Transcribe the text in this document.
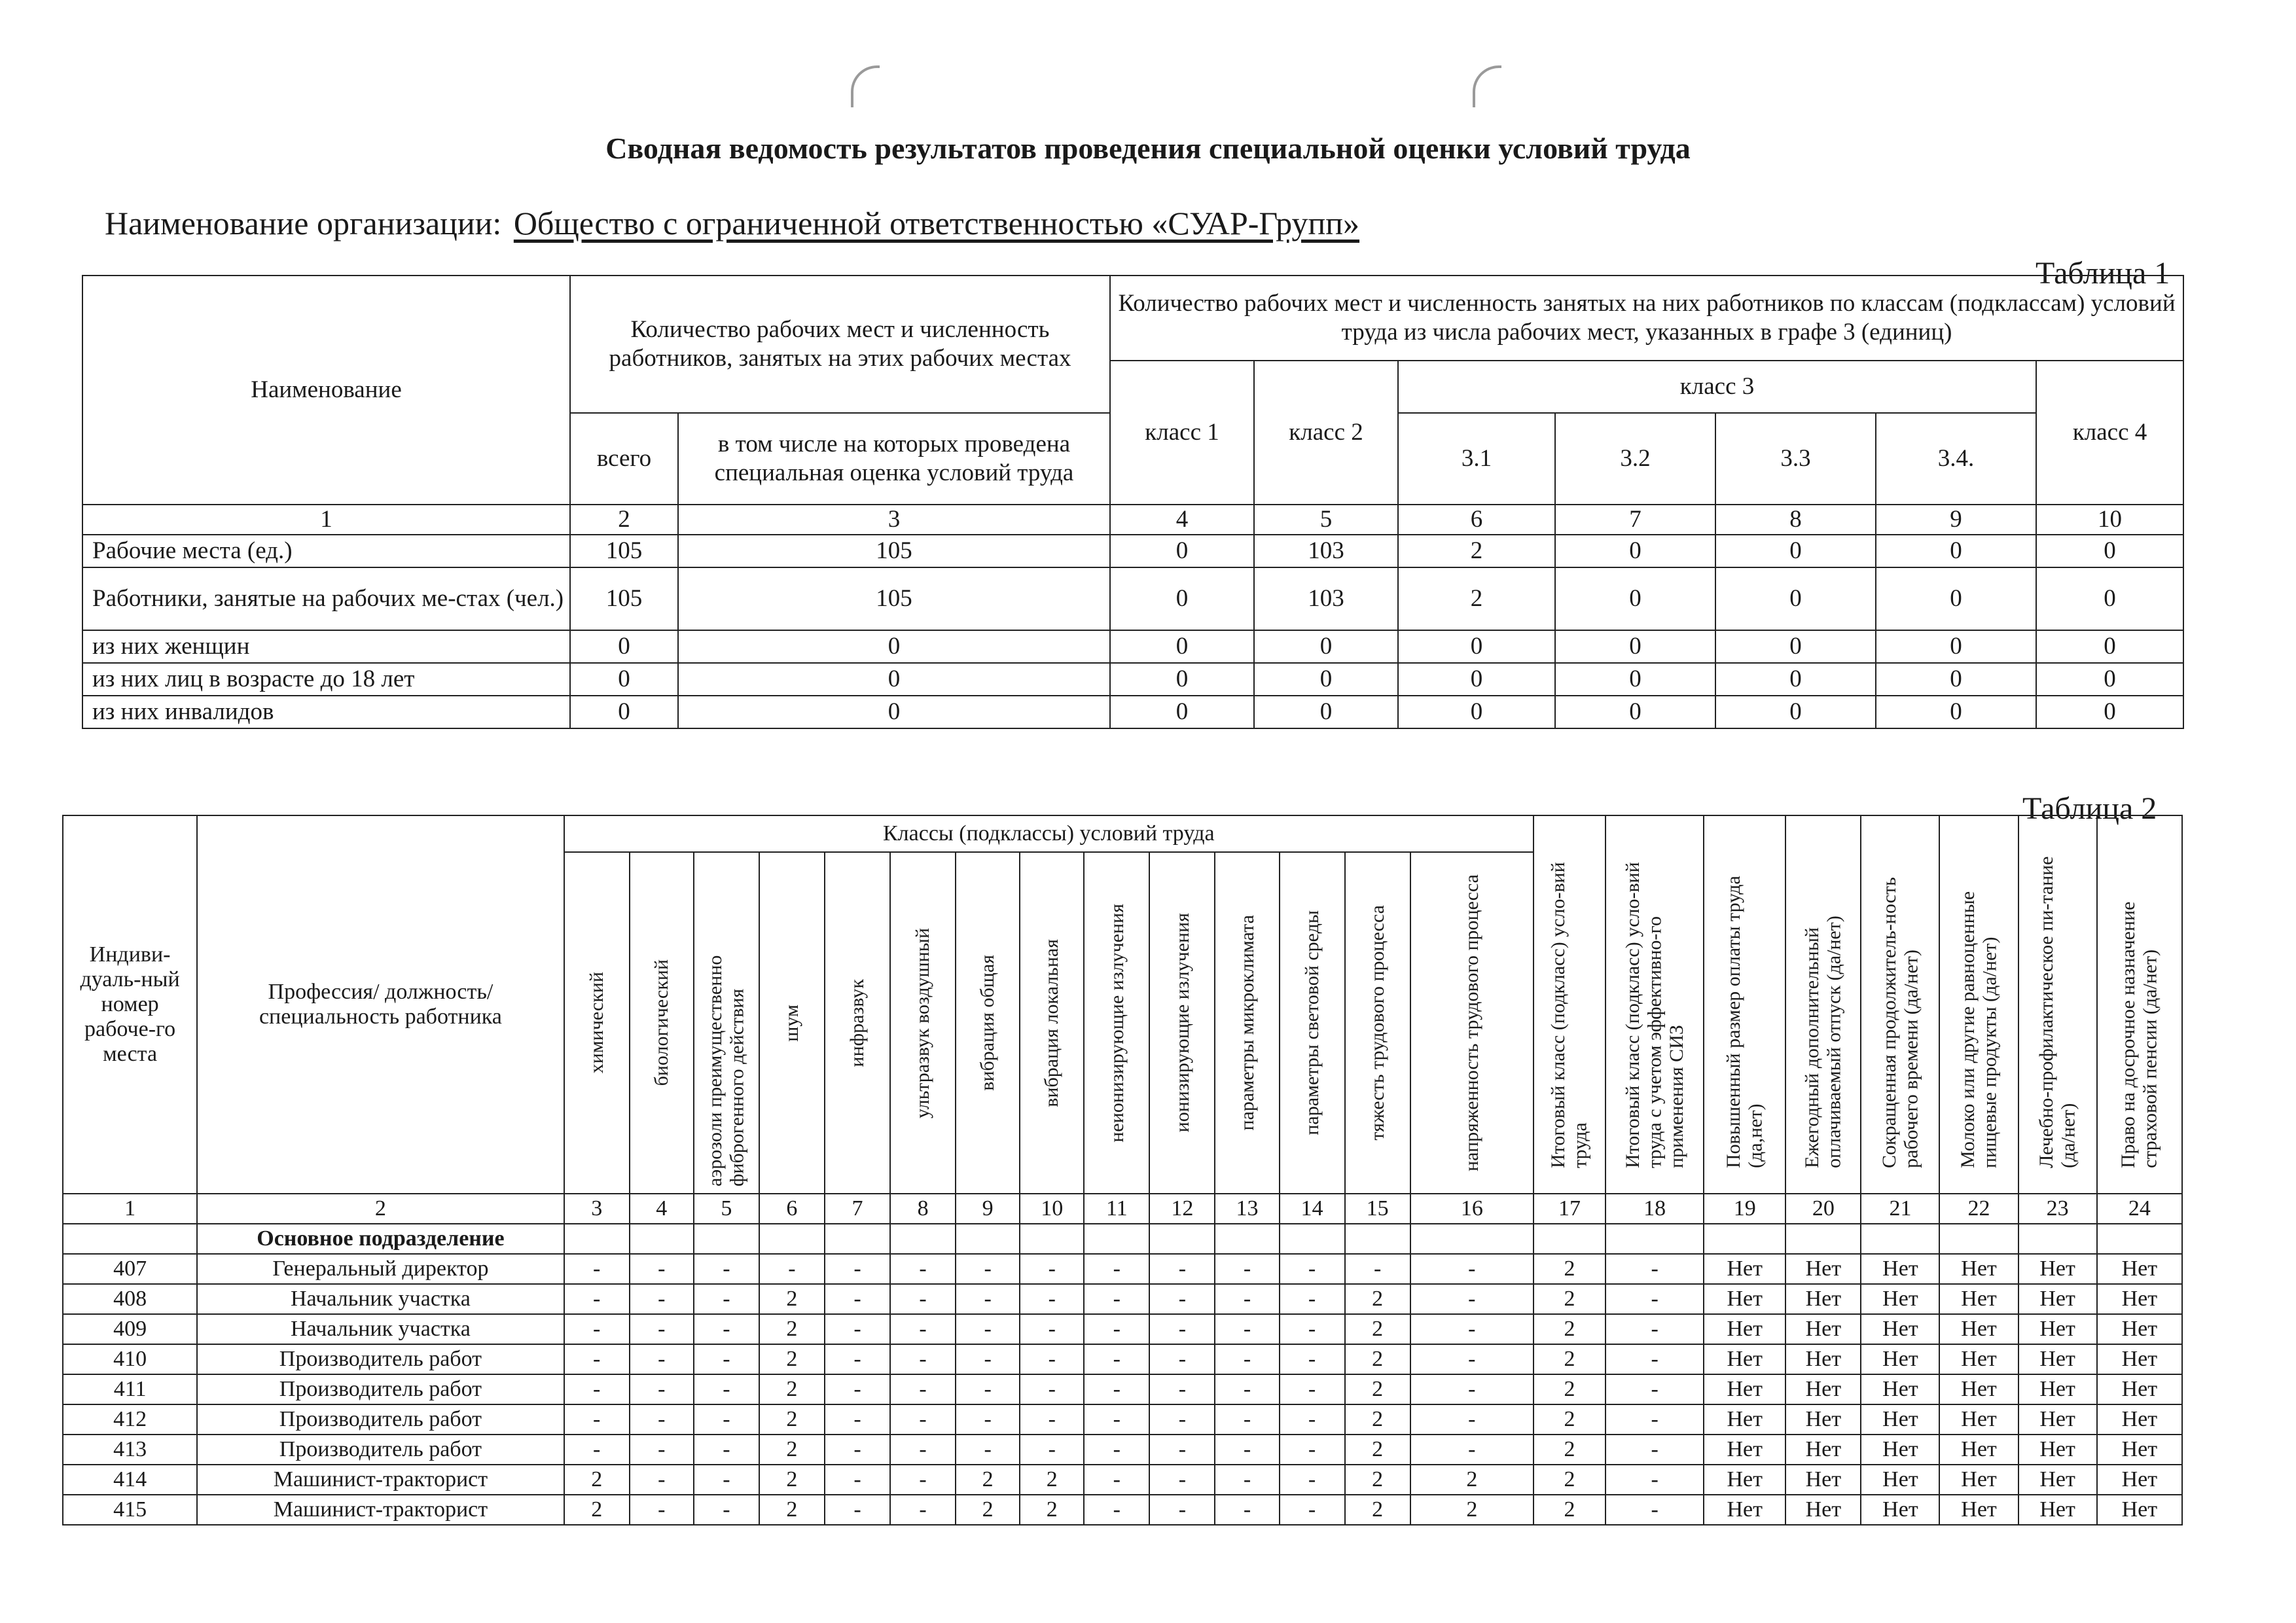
Сводная ведомость результатов проведения специальной оценки условий труда
Наименование организации: Общество с ограниченной ответственностью «СУАР-Групп»
Таблица 1
Наименование	Количество рабочих мест и численность работников, занятых на этих рабочих местах		Количество рабочих мест и численность занятых на них работников по классам (подклассам) условий труда из числа рабочих мест, указанных в графе 3 (единиц)						
			класс 1	класс 2	класс 3				класс 4
	всего	в том числе на которых проведена специальная оценка условий труда			3.1	3.2	3.3	3.4.	
1	2	3	4	5	6	7	8	9	10
Рабочие места (ед.)	105	105	0	103	2	0	0	0	0
Работники, занятые на рабочих ме-стах (чел.)	105	105	0	103	2	0	0	0	0
из них женщин	0	0	0	0	0	0	0	0	0
из них лиц в возрасте до 18 лет	0	0	0	0	0	0	0	0	0
из них инвалидов	0	0	0	0	0	0	0	0	0
Таблица 2
Индиви-дуаль-ный номер рабоче-го места	Профессия/ должность/ специальность работника	Классы (подклассы) условий труда														Итоговый класс (подкласс) усло-вий труда	Итоговый класс (подкласс) усло-вий труда с учетом эффективно-го применения СИЗ	Повышенный размер оплаты труда (да,нет)	Ежегодный дополнительный оплачиваемый отпуск (да/нет)	Сокращенная продолжитель-ность рабочего времени (да/нет)	Молоко или другие равноценные пищевые продукты (да/нет)	Лечебно-профилактическое пи-тание (да/нет)	Право на досрочное назначение страховой пенсии (да/нет)

		химический	биологический	аэрозоли преимущественно фиброгенного действия	шум	инфразвук	ультразвук воздушный	вибрация общая	вибрация локальная	неионизирующие излучения	ионизирующие излучения	параметры микроклимата	параметры световой среды	тяжесть трудового процесса	напряженность трудового процесса								

1	2	3	4	5	6	7	8	9	10	11	12	13	14	15	16	17	18	19	20	21	22	23	24
	Основное подразделение																						
407	Генеральный директор	-	-	-	-	-	-	-	-	-	-	-	-	-	-	2	-	Нет	Нет	Нет	Нет	Нет	Нет
408	Начальник участка	-	-	-	2	-	-	-	-	-	-	-	-	2	-	2	-	Нет	Нет	Нет	Нет	Нет	Нет
409	Начальник участка	-	-	-	2	-	-	-	-	-	-	-	-	2	-	2	-	Нет	Нет	Нет	Нет	Нет	Нет
410	Производитель работ	-	-	-	2	-	-	-	-	-	-	-	-	2	-	2	-	Нет	Нет	Нет	Нет	Нет	Нет
411	Производитель работ	-	-	-	2	-	-	-	-	-	-	-	-	2	-	2	-	Нет	Нет	Нет	Нет	Нет	Нет
412	Производитель работ	-	-	-	2	-	-	-	-	-	-	-	-	2	-	2	-	Нет	Нет	Нет	Нет	Нет	Нет
413	Производитель работ	-	-	-	2	-	-	-	-	-	-	-	-	2	-	2	-	Нет	Нет	Нет	Нет	Нет	Нет
414	Машинист-тракторист	2	-	-	2	-	-	2	2	-	-	-	-	2	2	2	-	Нет	Нет	Нет	Нет	Нет	Нет
415	Машинист-тракторист	2	-	-	2	-	-	2	2	-	-	-	-	2	2	2	-	Нет	Нет	Нет	Нет	Нет	Нет
